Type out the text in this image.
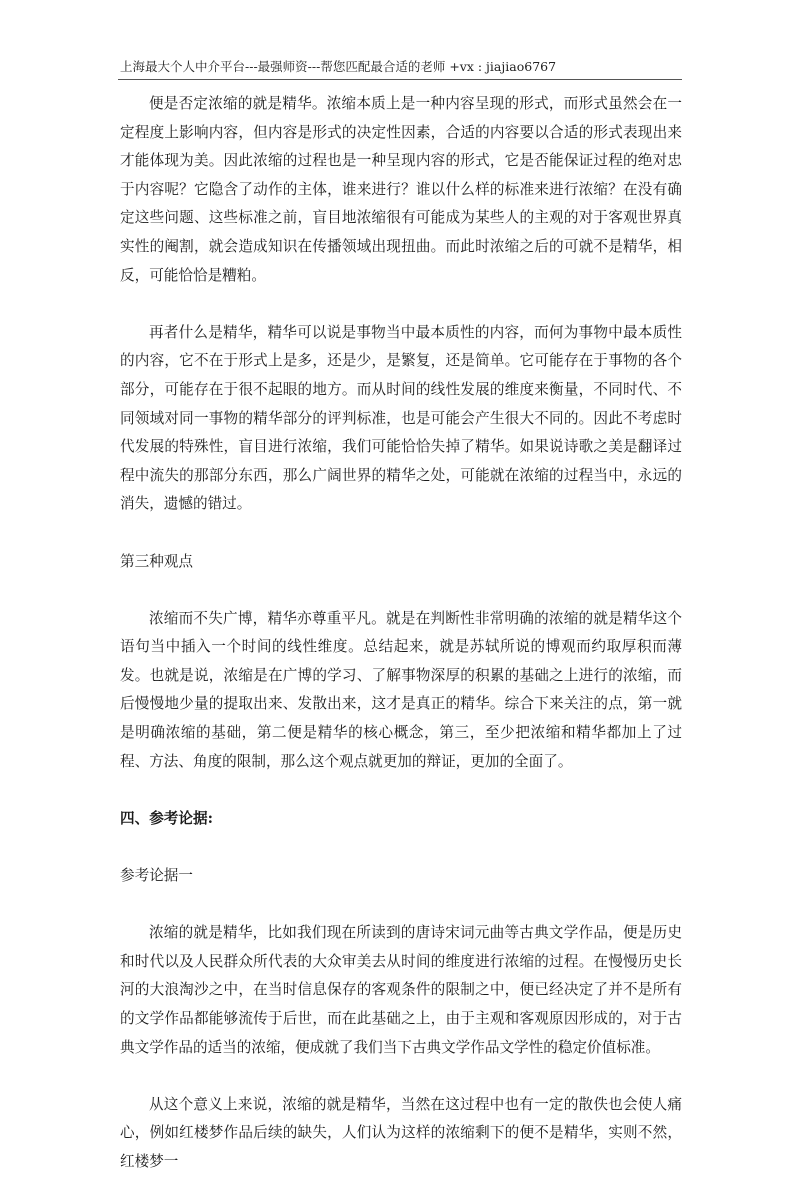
上海最大个人中介平台---最强师资---帮您匹配最合适的老师 +vx : jiajiao6767

便是否定浓缩的就是精华。浓缩本质上是一种内容呈现的形式，而形式虽然会在一定程度上影响内容，但内容是形式的决定性因素，合适的内容要以合适的形式表现出来才能体现为美。因此浓缩的过程也是一种呈现内容的形式，它是否能保证过程的绝对忠于内容呢？它隐含了动作的主体，谁来进行？谁以什么样的标准来进行浓缩？在没有确定这些问题、这些标准之前，盲目地浓缩很有可能成为某些人的主观的对于客观世界真实性的阉割，就会造成知识在传播领域出现扭曲。而此时浓缩之后的可就不是精华，相反，可能恰恰是糟粕。

再者什么是精华，精华可以说是事物当中最本质性的内容，而何为事物中最本质性的内容，它不在于形式上是多，还是少，是繁复，还是简单。它可能存在于事物的各个部分，可能存在于很不起眼的地方。而从时间的线性发展的维度来衡量，不同时代、不同领域对同一事物的精华部分的评判标准，也是可能会产生很大不同的。因此不考虑时代发展的特殊性，盲目进行浓缩，我们可能恰恰失掉了精华。如果说诗歌之美是翻译过程中流失的那部分东西，那么广阔世界的精华之处，可能就在浓缩的过程当中，永远的消失，遗憾的错过。

第三种观点

浓缩而不失广博，精华亦尊重平凡。就是在判断性非常明确的浓缩的就是精华这个语句当中插入一个时间的线性维度。总结起来，就是苏轼所说的博观而约取厚积而薄发。也就是说，浓缩是在广博的学习、了解事物深厚的积累的基础之上进行的浓缩，而后慢慢地少量的提取出来、发散出来，这才是真正的精华。综合下来关注的点，第一就是明确浓缩的基础，第二便是精华的核心概念，第三，至少把浓缩和精华都加上了过程、方法、角度的限制，那么这个观点就更加的辩证，更加的全面了。

四、参考论据:

参考论据一

浓缩的就是精华，比如我们现在所读到的唐诗宋词元曲等古典文学作品，便是历史和时代以及人民群众所代表的大众审美去从时间的维度进行浓缩的过程。在慢慢历史长河的大浪淘沙之中，在当时信息保存的客观条件的限制之中，便已经决定了并不是所有的文学作品都能够流传于后世，而在此基础之上，由于主观和客观原因形成的，对于古典文学作品的适当的浓缩，便成就了我们当下古典文学作品文学性的稳定价值标准。

从这个意义上来说，浓缩的就是精华，当然在这过程中也有一定的散佚也会使人痛心，例如红楼梦作品后续的缺失，人们认为这样的浓缩剩下的便不是精华，实则不然，红楼梦一
